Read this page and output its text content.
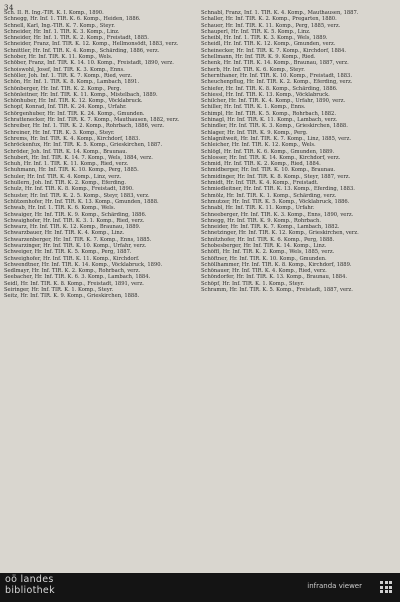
34
Sch. II. R. Ing.-TIR. K. I. Komp., 1890.
Schnegg, Hr. Inf. 1. TIR. K. 6. Komp., Heiden, 1886.
Schnell, Karl, Ing.-TIR. K. 7. Komp., Steyr.
Schneider, Hr. Inf. 1. TIR. K. 3. Komp., Linz.
Schneider, Hr. Inf. 1. TIR. K. 2. Komp., Freistadt, 1885.
Schneider, Franz, Inf. TIR. K. 12. Komp., Hellmonsödt, 1883, verz.
Schnittler, Hr. Inf. TIR. K. 4. Komp., Schärding, 1886, verz.
Schober, Hr. Inf. TIR. K. 11. Komp., Wels.
Schöber, Franz, Inf. TIR. K. 14. 10. Komp., Freistadt, 1890, verz.
Schoiswohl, Josef, Inf. TIR. K. 3. Komp., Enns.
Schöller, Joh. Inf. 1. TIR. K. 7. Komp., Ried, verz.
Schön, Hr. Inf. 1. TIR. K. 8. Komp., Lambach, 1891.
Schönberger, Hr. Inf. TIR. K. 2. Komp., Perg.
Schönleitner, Hr. Inf. TIR. K. 11. Komp., Mistelbach, 1889.
Schönhuber, Hr. Inf. TIR. K. 12. Komp., Vöcklabruck.
Schopf, Konrad, Inf. TIR. K. 24. Komp., Urfahr.
Schörgenhuber, Hr. Inf. TIR. K. 24. Komp., Gmunden.
Schrattenecker, Hr. Inf. TIR. K. 7. Komp., Mauthausen, 1882, verz.
Schreiber, Hr. Inf. 1. TIR. K. 2. Komp., Rohrbach, 1886, verz.
Schreiner, Hr. Inf. TIR. K. 3. Komp., Steyr.
Schrems, Hr. Inf. TIR. K. 4. Komp., Kirchdorf, 1883.
Schröckenfux, Hr. Inf. TIR. K. 5. Komp., Grieskirchen, 1887.
Schröder, Joh. Inf. TIR. K. 14. Komp., Braunau.
Schubert, Hr. Inf. TIR. K. 14. 7. Komp., Wels, 1884, verz.
Schuh, Hr. Inf. 1. TIR. K. 11. Komp., Ried, verz.
Schuhmann, Hr. Inf. TIR. K. 10. Komp., Perg, 1885.
Schuler, Hr. Inf. TIR. K. 4. Komp., Linz, verz.
Schullern, Joh. Inf. TIR. K. 2. Komp., Eferding.
Schulz, Hr. Inf. TIR. K. 8. Komp., Freistadt, 1890.
Schuster, Hr. Inf. TIR. K. 2. 5. Komp., Steyr, 1883, verz.
Schützenhofer, Hr. Inf. TIR. K. 13. Komp., Gmunden, 1888.
Schwab, Hr. Inf. 1. TIR. K. 6. Komp., Wels.
Schwaiger, Hr. Inf. TIR. K. 9. Komp., Schärding, 1886.
Schwaighofer, Hr. Inf. TIR. K. 3. 1. Komp., Ried, verz.
Schwarz, Hr. Inf. TIR. K. 12. Komp., Braunau, 1889.
Schwarzbauer, Hr. Inf. TIR. K. 4. Komp., Linz.
Schwarzenberger, Hr. Inf. TIR. K. 7. Komp., Enns, 1885.
Schwarzinger, Hr. Inf. TIR. K. 10. Komp., Urfahr, verz.
Schweiger, Hr. Inf. TIR. K. 5. Komp., Perg, 1887.
Schweighofer, Hr. Inf. TIR. K. 11. Komp., Kirchdorf.
Schwendtner, Hr. Inf. TIR. K. 14. Komp., Vöcklabruck, 1890.
Sedlmayr, Hr. Inf. TIR. K. 2. Komp., Rohrbach, verz.
Seebacher, Hr. Inf. TIR. K. 6. 3. Komp., Lambach, 1884.
Seidl, Hr. Inf. TIR. K. 8. Komp., Freistadt, 1891, verz.
Seiringer, Hr. Inf. TIR. K. 1. Komp., Steyr.
Seitz, Hr. Inf. TIR. K. 9. Komp., Grieskirchen, 1888.
Schnabl, Franz, Inf. 1. TIR. K. 4. Komp., Mauthausen, 1887.
Schaller, Hr. Inf. TIR. K. 2. Komp., Pregarten, 1880.
Schauer, Hr. Inf. TIR. K. 11. Komp., Perg, 1885, verz.
Schauperl, Hr. Inf. TIR. K. 5. Komp., Linz.
Scheibl, Hr. Inf. 1. TIR. K. 3. Komp., Wels, 1889.
Scheidl, Hr. Inf. TIR. K. 12. Komp., Gmunden, verz.
Scheinecker, Hr. Inf. TIR. K. 7. Komp., Kirchdorf, 1884.
Schellmann, Hr. Inf. TIR. K. 9. Komp., Ried.
Schenk, Hr. Inf. TIR. K. 14. Komp., Braunau, 1887, verz.
Scherb, Hr. Inf. TIR. K. 6. Komp., Steyr.
Schernthaner, Hr. Inf. TIR. K. 10. Komp., Freistadt, 1883.
Scheuchenpflug, Hr. Inf. TIR. K. 2. Komp., Eferding, verz.
Schiefer, Hr. Inf. TIR. K. 8. Komp., Schärding, 1886.
Schiessl, Hr. Inf. TIR. K. 13. Komp., Vöcklabruck.
Schilcher, Hr. Inf. TIR. K. 4. Komp., Urfahr, 1890, verz.
Schiller, Hr. Inf. TIR. K. 1. Komp., Enns.
Schimpl, Hr. Inf. TIR. K. 5. Komp., Rohrbach, 1882.
Schinagl, Hr. Inf. TIR. K. 11. Komp., Lambach, verz.
Schindler, Hr. Inf. TIR. K. 3. Komp., Grieskirchen, 1888.
Schlager, Hr. Inf. TIR. K. 9. Komp., Perg.
Schlagnitweit, Hr. Inf. TIR. K. 7. Komp., Linz, 1885, verz.
Schleicher, Hr. Inf. TIR. K. 12. Komp., Wels.
Schlögl, Hr. Inf. TIR. K. 6. Komp., Gmunden, 1889.
Schlosser, Hr. Inf. TIR. K. 14. Komp., Kirchdorf, verz.
Schmid, Hr. Inf. TIR. K. 2. Komp., Ried, 1884.
Schmidberger, Hr. Inf. TIR. K. 10. Komp., Braunau.
Schmidinger, Hr. Inf. TIR. K. 8. Komp., Steyr, 1887, verz.
Schmidt, Hr. Inf. TIR. K. 4. Komp., Freistadt.
Schmiedleitner, Hr. Inf. TIR. K. 13. Komp., Eferding, 1883.
Schmölz, Hr. Inf. TIR. K. 1. Komp., Schärding, verz.
Schmutzer, Hr. Inf. TIR. K. 5. Komp., Vöcklabruck, 1886.
Schnabl, Hr. Inf. TIR. K. 11. Komp., Urfahr.
Schneeberger, Hr. Inf. TIR. K. 3. Komp., Enns, 1890, verz.
Schnegg, Hr. Inf. TIR. K. 9. Komp., Rohrbach.
Schneider, Hr. Inf. TIR. K. 7. Komp., Lambach, 1882.
Schnetzinger, Hr. Inf. TIR. K. 12. Komp., Grieskirchen, verz.
Schnitzhofer, Hr. Inf. TIR. K. 6. Komp., Perg, 1888.
Schobesberger, Hr. Inf. TIR. K. 14. Komp., Linz.
Schöffl, Hr. Inf. TIR. K. 2. Komp., Wels, 1885, verz.
Schöftner, Hr. Inf. TIR. K. 10. Komp., Gmunden.
Schöllhammer, Hr. Inf. TIR. K. 8. Komp., Kirchdorf, 1889.
Schönauer, Hr. Inf. TIR. K. 4. Komp., Ried, verz.
Schöndorfer, Hr. Inf. TIR. K. 13. Komp., Braunau, 1884.
Schöpf, Hr. Inf. TIR. K. 1. Komp., Steyr.
Schramm, Hr. Inf. TIR. K. 5. Komp., Freistadt, 1887, verz.
oö landes
bibliothek	infranda viewer
